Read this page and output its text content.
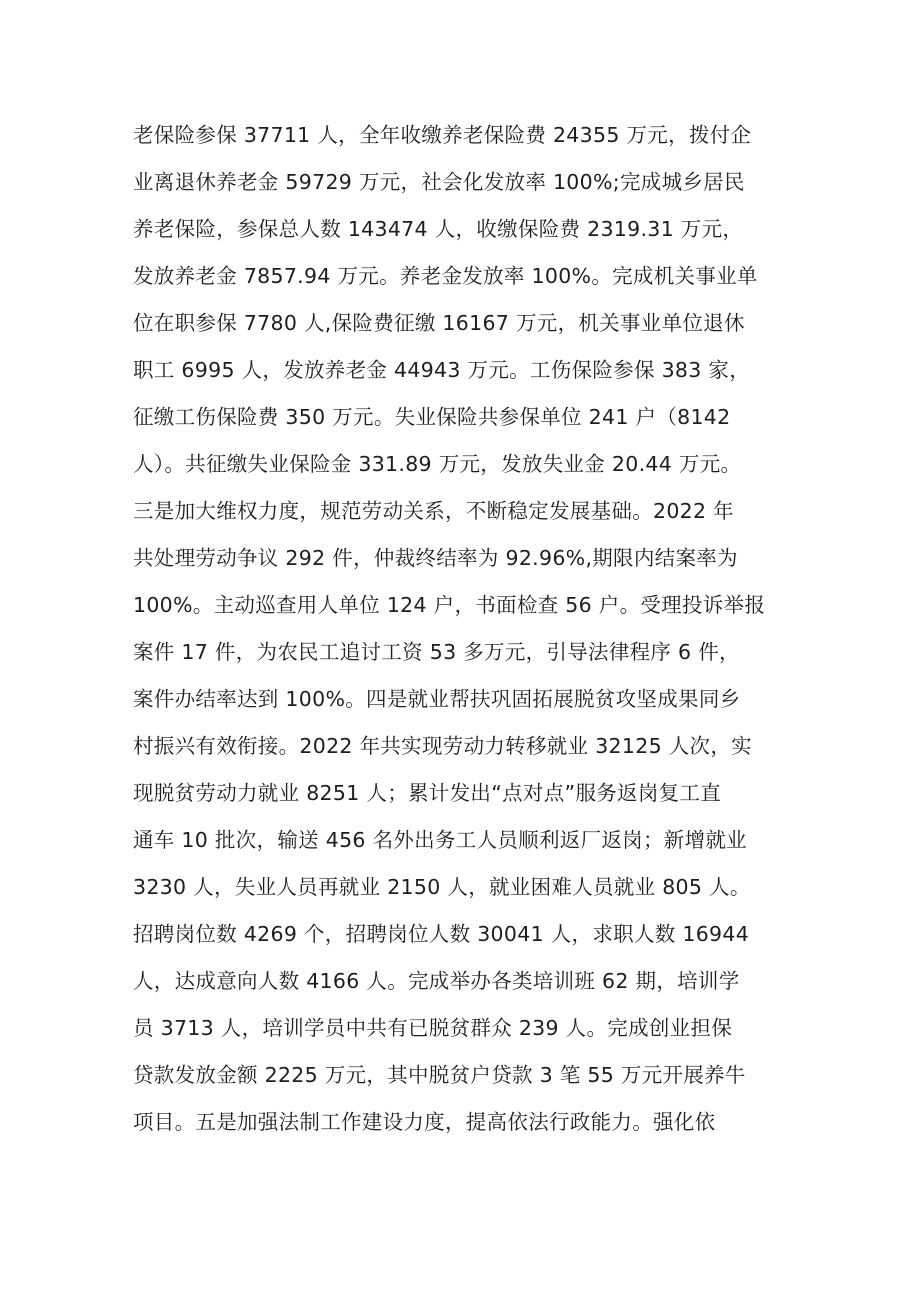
老保险参保 37711 人，全年收缴养老保险费 24355 万元，拨付企
业离退休养老金 59729 万元，社会化发放率 100%;完成城乡居民
养老保险，参保总人数 143474 人，收缴保险费 2319.31 万元，
发放养老金 7857.94 万元。养老金发放率 100%。完成机关事业单
位在职参保 7780 人,保险费征缴 16167 万元，机关事业单位退休
职工 6995 人，发放养老金 44943 万元。工伤保险参保 383 家，
征缴工伤保险费 350 万元。失业保险共参保单位 241 户（8142
人）。共征缴失业保险金 331.89 万元，发放失业金 20.44 万元。
三是加大维权力度，规范劳动关系，不断稳定发展基础。2022 年
共处理劳动争议 292 件，仲裁终结率为 92.96%,期限内结案率为
100%。主动巡查用人单位 124 户，书面检查 56 户。受理投诉举报
案件 17 件，为农民工追讨工资 53 多万元，引导法律程序 6 件，
案件办结率达到 100%。四是就业帮扶巩固拓展脱贫攻坚成果同乡
村振兴有效衔接。2022 年共实现劳动力转移就业 32125 人次，实
现脱贫劳动力就业 8251 人；累计发出“点对点”服务返岗复工直
通车 10 批次，输送 456 名外出务工人员顺利返厂返岗；新增就业
3230 人，失业人员再就业 2150 人，就业困难人员就业 805 人。
招聘岗位数 4269 个，招聘岗位人数 30041 人，求职人数 16944
人，达成意向人数 4166 人。完成举办各类培训班 62 期，培训学
员 3713 人，培训学员中共有已脱贫群众 239 人。完成创业担保
贷款发放金额 2225 万元，其中脱贫户贷款 3 笔 55 万元开展养牛
项目。五是加强法制工作建设力度，提高依法行政能力。强化依
